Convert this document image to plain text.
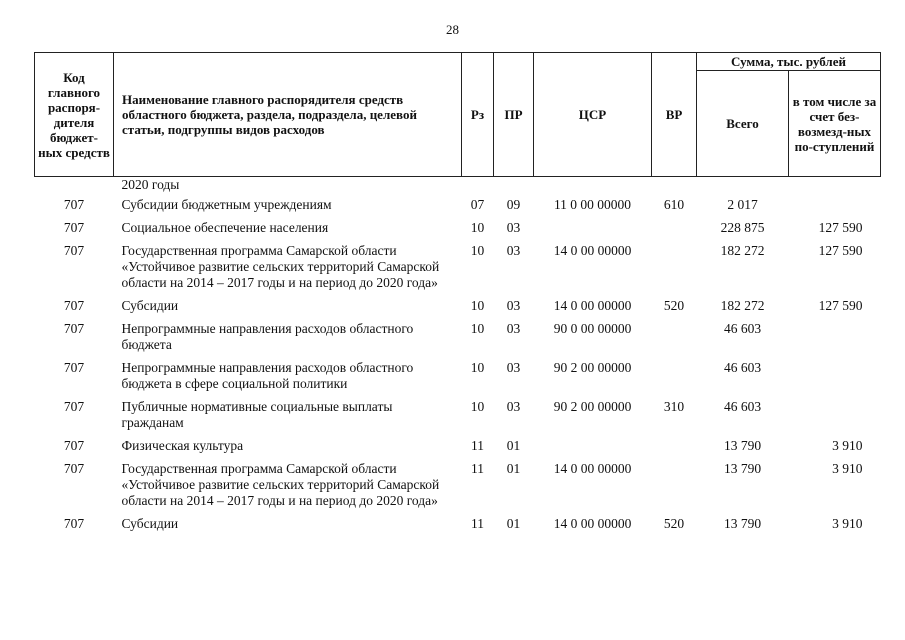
28
Код главного распоря-дителя бюджет-ных средств	Наименование главного распорядителя средств областного бюджета, раздела, подраздела, целевой статьи, подгруппы видов расходов	Рз	ПР	ЦСР	ВР	Сумма, тыс. рублей	
						Всего	в том числе за счет без-возмезд-ных по-ступлений
	2020 годы						
707	Субсидии бюджетным учреждениям	07	09	11 0 00 00000	610	2 017	
707	Социальное обеспечение населения	10	03			228 875	127 590
707	Государственная программа Самарской области «Устойчивое развитие сельских территорий Самарской области на 2014 – 2017 годы и на период до 2020 года»	10	03	14 0 00 00000		182 272	127 590
707	Субсидии	10	03	14 0 00 00000	520	182 272	127 590
707	Непрограммные направления расходов областного бюджета	10	03	90 0 00 00000		46 603	
707	Непрограммные направления расходов областного бюджета в сфере социальной политики	10	03	90 2 00 00000		46 603	
707	Публичные нормативные социальные выплаты гражданам	10	03	90 2 00 00000	310	46 603	
707	Физическая культура	11	01			13 790	3 910
707	Государственная программа Самарской области «Устойчивое развитие сельских территорий Самарской области на 2014 – 2017 годы и на период до 2020 года»	11	01	14 0 00 00000		13 790	3 910
707	Субсидии	11	01	14 0 00 00000	520	13 790	3 910
